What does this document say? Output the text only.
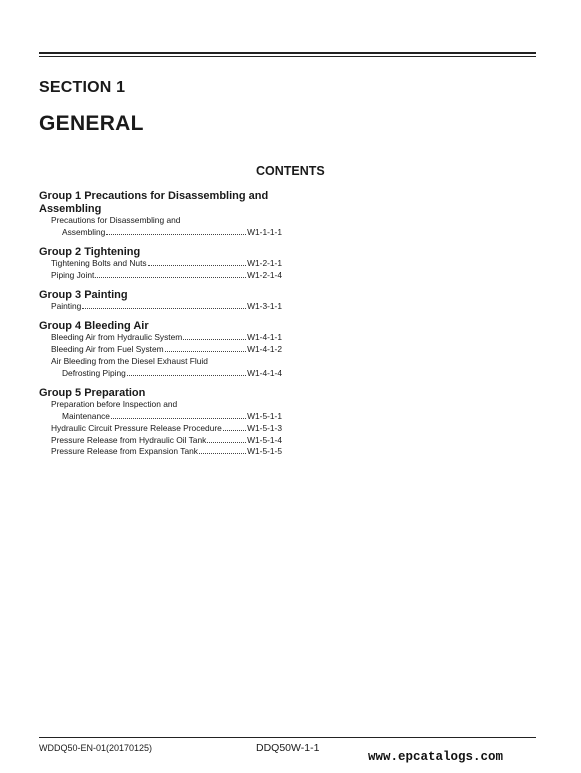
SECTION 1
GENERAL
CONTENTS
Group 1 Precautions for Disassembling and Assembling
Precautions for Disassembling and
Assembling	W1-1-1-1
Group 2 Tightening
Tightening Bolts and Nuts	W1-2-1-1
Piping Joint	W1-2-1-4
Group 3 Painting
Painting	W1-3-1-1
Group 4 Bleeding Air
Bleeding Air from Hydraulic System	W1-4-1-1
Bleeding Air from Fuel System	W1-4-1-2
Air Bleeding from the Diesel Exhaust Fluid
Defrosting Piping	W1-4-1-4
Group 5 Preparation
Preparation before Inspection and
Maintenance	W1-5-1-1
Hydraulic Circuit Pressure Release Procedure	W1-5-1-3
Pressure Release from Hydraulic Oil Tank	W1-5-1-4
Pressure Release from Expansion Tank	W1-5-1-5
WDDQ50-EN-01(20170125)	DDQ50W-1-1
www.epcatalogs.com
